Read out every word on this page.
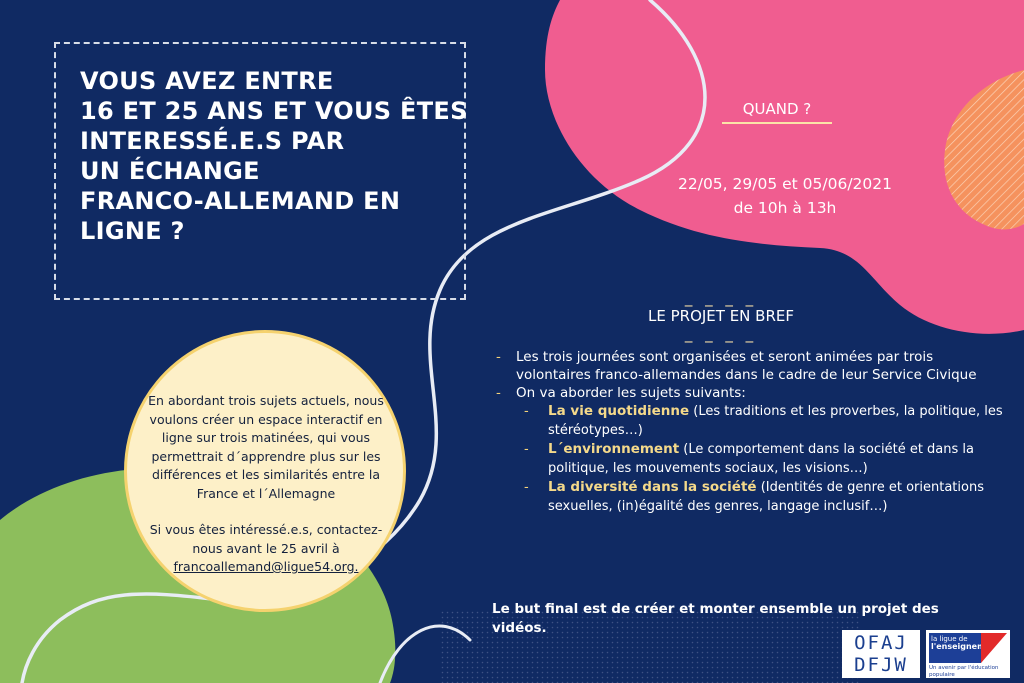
VOUS AVEZ ENTRE
16 ET 25 ANS ET VOUS ÊTES
INTERESSÉ.E.S PAR
UN ÉCHANGE
FRANCO-ALLEMAND EN
LIGNE ?
QUAND ?
22/05, 29/05 et 05/06/2021
de 10h à 13h
_ _ _ _
LE PROJET EN BREF
_ _ _ _

- Les trois journées sont organisées et seront animées par trois volontaires franco-allemandes dans le cadre de leur Service Civique

- On va aborder les sujets suivants:

- La vie quotidienne (Les traditions et les proverbes, la politique, les stéréotypes…)

- L´environnement (Le comportement dans la société et dans la politique, les mouvements sociaux, les visions…)

- La diversité dans la société (Identités de genre et orientations sexuelles, (in)égalité des genres, langage inclusif…)

Le but final est de créer et monter ensemble un projet des vidéos.
En abordant trois sujets actuels, nous voulons créer un espace interactif en ligne sur trois matinées, qui vous permettrait d´apprendre plus sur les différences et les similarités entre la France et l´Allemagne
Si vous êtes intéressé.e.s, contactez-nous avant le 25 avril à
francoallemand@ligue54.org.
OFAJ
DFJW
la ligue de
l'enseignement
Un avenir par l'éducation populaire
